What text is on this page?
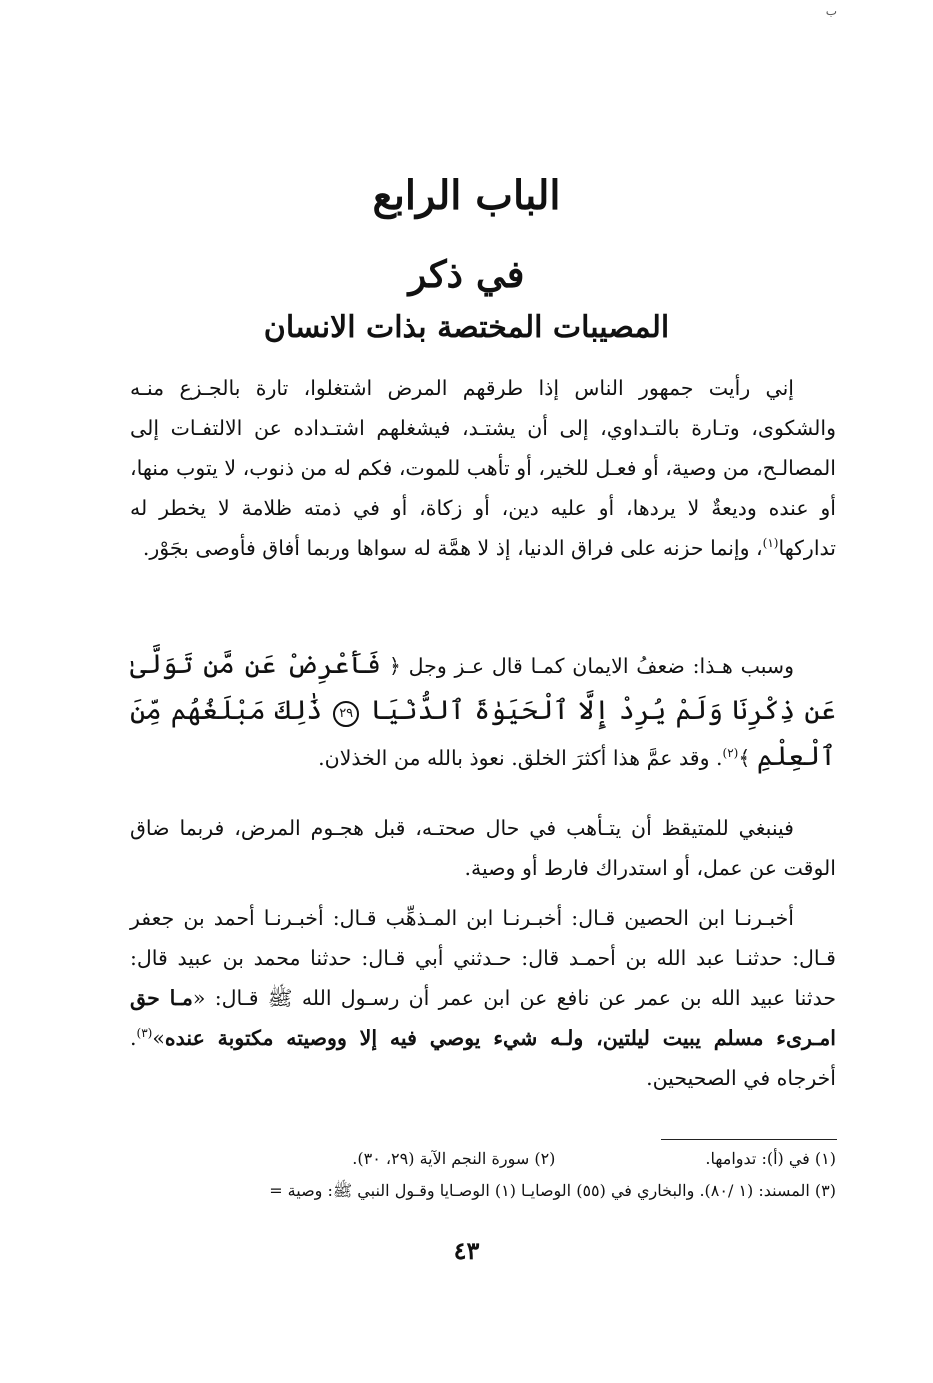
ب
الباب الرابع
في ذكر
المصيبات المختصة بذات الانسان
إني رأيت جمهور الناس إذا طرقهم المرض اشتغلوا، تارة بالجـزع منـه والشكوى، وتـارة بالتـداوي، إلى أن يشتـد، فيشغلهم اشتـداده عن الالتفـات إلى المصالـح، من وصية، أو فعـل للخير، أو تأهب للموت، فكم له من ذنوب، لا يتوب منها، أو عنده وديعةٌ لا يردها، أو عليه دين، أو زكاة، أو في ذمته ظلامة لا يخطر له تداركها$^{(١)}$، وإنما حزنه على فراق الدنيا، إذ لا همَّة له سواها وربما أفاق فأوصى بجَوْر.
وسبب هـذا: ضعفُ الايمان كمـا قال عـز وجل ﴿ فَأَعْرِضْ عَن مَّن تَوَلَّىٰ عَن ذِكْرِنَا وَلَمْ يُرِدْ إِلَّا ٱلْحَيَوٰةَ ٱلدُّنْيَا ٢٩ ذَٰلِكَ مَبْلَغُهُم مِّنَ ٱلْعِلْمِ ﴾$^{(٢)}$. وقد عمَّ هذا أكثرَ الخلق. نعوذ بالله من الخذلان.
فينبغي للمتيقظ أن يتـأهب في حال صحتـه، قبل هجـوم المرض، فربما ضاق الوقت عن عمل، أو استدراك فارط أو وصية.
أخبـرنـا ابن الحصين قـال: أخبـرنـا ابن المـذهِّب قـال: أخبـرنـا أحمد بن جعفر قـال: حدثنـا عبد الله بن أحمـد قال: حـدثني أبي قـال: حدثنا محمد بن عبيد قال: حدثنا عبيد الله بن عمر عن نافع عن ابن عمر أن رسـول الله ﷺ قـال: «مـا حق امـرىء مسلم يبيت ليلتين، ولـه شيء يوصي فيه إلا ووصيته مكتوبة عنده»$^{(٣)}$. أخرجاه في الصحيحين.
(١) في (أ): تدوامها.
(٢) سورة النجم الآية (٢٩، ٣٠).
(٣) المسند: (١ /٨٠). والبخاري في (٥٥) الوصايـا (١) الوصـايا وقـول النبي ﷺ: وصية =
٤٣
